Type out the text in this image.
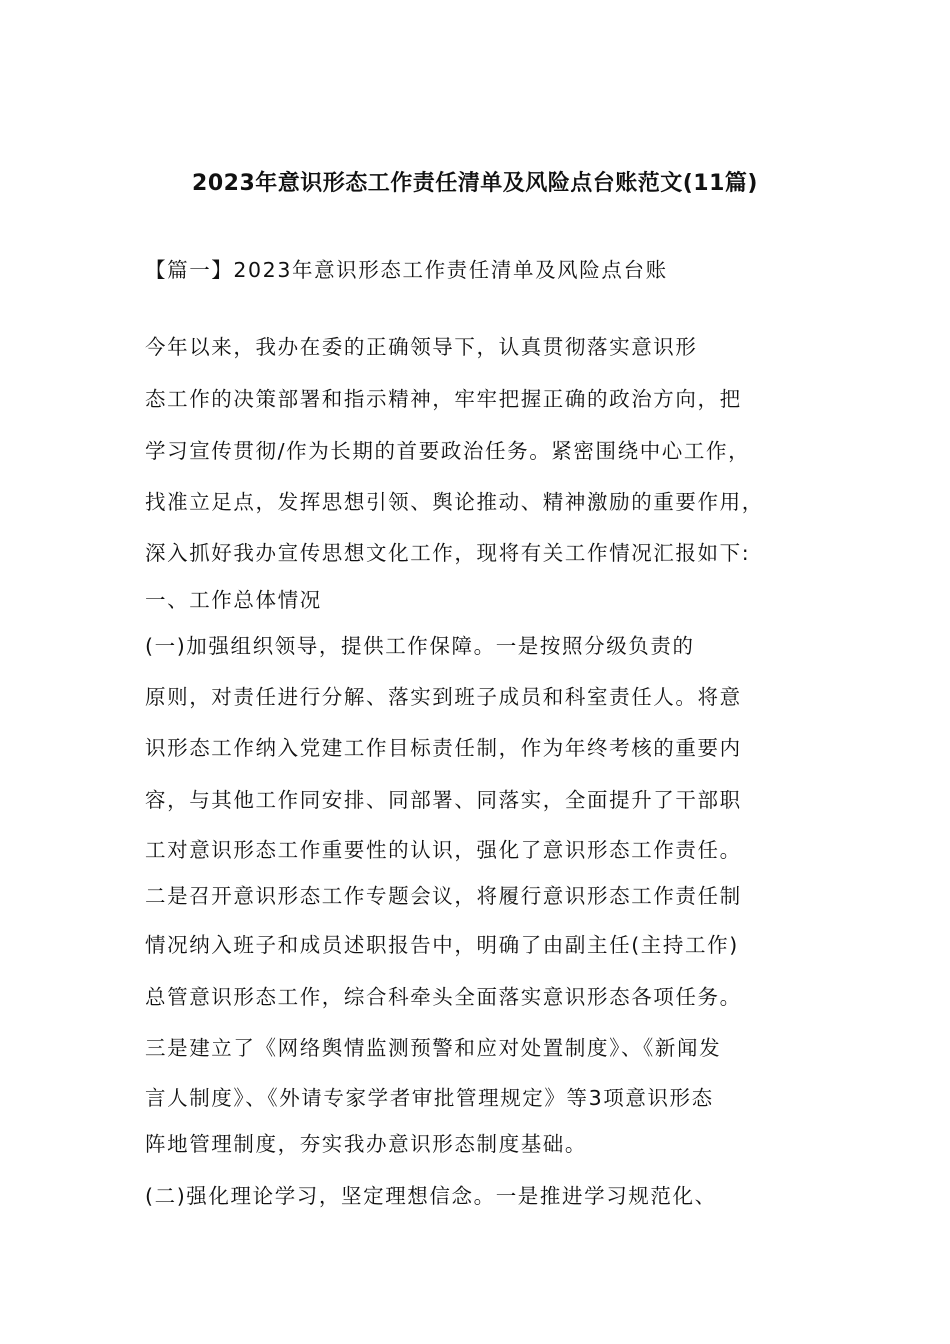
2023年意识形态工作责任清单及风险点台账范文(11篇)
【篇一】2023年意识形态工作责任清单及风险点台账
今年以来，我办在委的正确领导下，认真贯彻落实意识形
态工作的决策部署和指示精神，牢牢把握正确的政治方向，把
学习宣传贯彻/作为长期的首要政治任务。紧密围绕中心工作，
找准立足点，发挥思想引领、舆论推动、精神激励的重要作用，
深入抓好我办宣传思想文化工作，现将有关工作情况汇报如下:
一、工作总体情况
(一)加强组织领导，提供工作保障。一是按照分级负责的
原则，对责任进行分解、落实到班子成员和科室责任人。将意
识形态工作纳入党建工作目标责任制，作为年终考核的重要内
容，与其他工作同安排、同部署、同落实，全面提升了干部职
工对意识形态工作重要性的认识，强化了意识形态工作责任。
二是召开意识形态工作专题会议，将履行意识形态工作责任制
情况纳入班子和成员述职报告中，明确了由副主任(主持工作)
总管意识形态工作，综合科牵头全面落实意识形态各项任务。
三是建立了《网络舆情监测预警和应对处置制度》、《新闻发
言人制度》、《外请专家学者审批管理规定》等3项意识形态
阵地管理制度，夯实我办意识形态制度基础。
(二)强化理论学习，坚定理想信念。一是推进学习规范化、
